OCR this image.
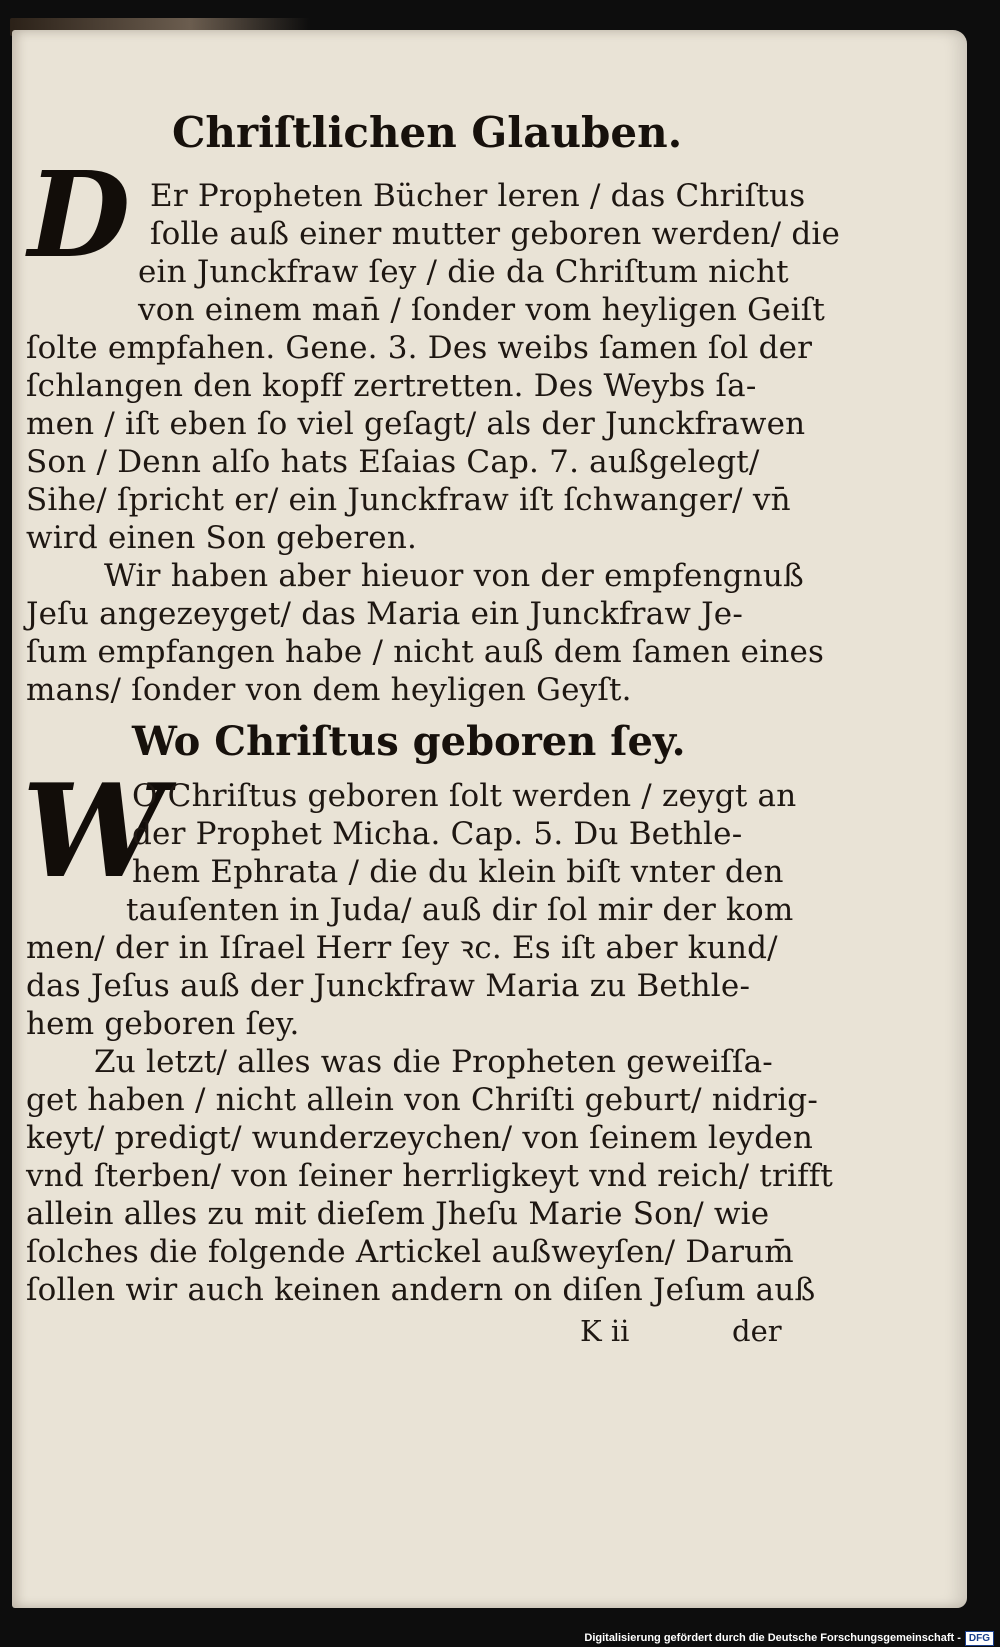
Chriſtlichen Glauben.
D Er Propheten Bücher leren / das Chriſtus
ſolle auß einer mutter geboren werden/ die
ein Junckfraw ſey / die da Chriſtum nicht
von einem man̄ / ſonder vom heyligen Geiſt
ſolte empfahen. Gene. 3. Des weibs ſamen ſol der
ſchlangen den kopff zertretten. Des Weybs ſa‑
men / iſt eben ſo viel geſagt/ als der Junckfrawen
Son / Denn alſo hats Eſaias Cap. 7. außgelegt/
Sihe/ ſpricht er/ ein Junckfraw iſt ſchwanger/ vn̄
wird einen Son geberen.
Wir haben aber hieuor von der empfengnuß
Jeſu angezeyget/ das Maria ein Junckfraw Je‑
ſum empfangen habe / nicht auß dem ſamen eines
mans/ ſonder von dem heyligen Geyſt.
Wo Chriſtus geboren ſey.
W
O Chriſtus geboren ſolt werden / zeygt an
der Prophet Micha. Cap. 5. Du Bethle‑
hem Ephrata / die du klein biſt vnter den
tauſenten in Juda/ auß dir ſol mir der kom
men/ der in Iſrael Herr ſey ꝛc. Es iſt aber kund/
das Jeſus auß der Junckfraw Maria zu Bethle‑
hem geboren ſey.
Zu letzt/ alles was die Propheten geweiſſa‑
get haben / nicht allein von Chriſti geburt/ nidrig‑
keyt/ predigt/ wunderzeychen/ von ſeinem leyden
vnd ſterben/ von ſeiner herrligkeyt vnd reich/ trifft
allein alles zu mit dieſem Jheſu Marie Son/ wie
ſolches die folgende Artickel außweyſen/ Darum̄
ſollen wir auch keinen andern on diſen Jeſum auß
K ii	der
Digitalisierung gefördert durch die Deutsche Forschungsgemeinschaft - DFG
